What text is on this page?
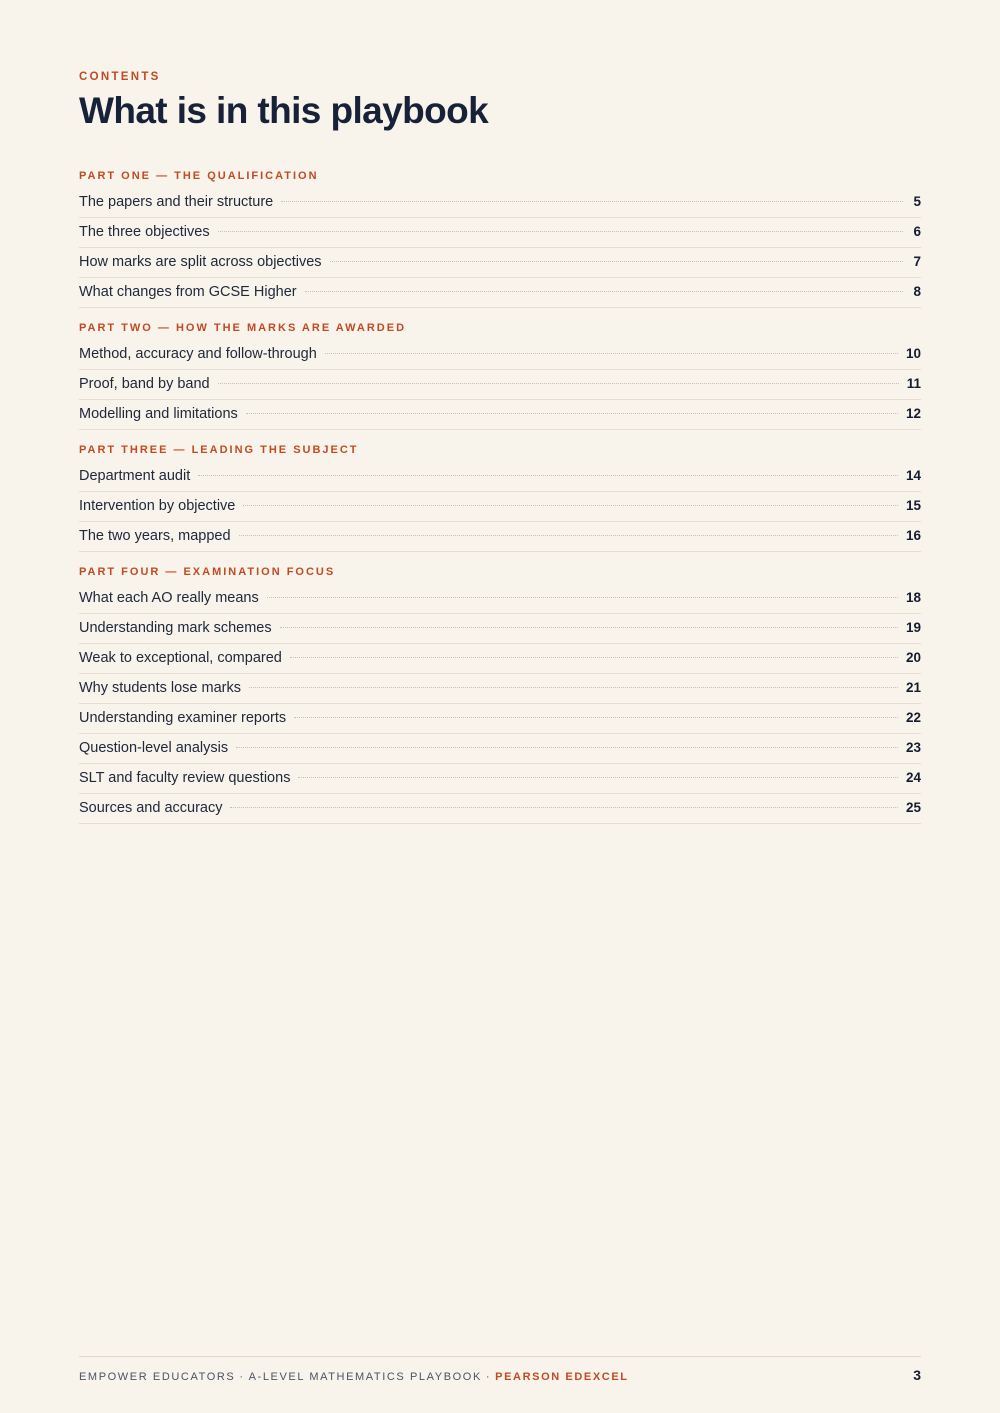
CONTENTS
What is in this playbook
PART ONE — THE QUALIFICATION
The papers and their structure	5
The three objectives	6
How marks are split across objectives	7
What changes from GCSE Higher	8
PART TWO — HOW THE MARKS ARE AWARDED
Method, accuracy and follow-through	10
Proof, band by band	11
Modelling and limitations	12
PART THREE — LEADING THE SUBJECT
Department audit	14
Intervention by objective	15
The two years, mapped	16
PART FOUR — EXAMINATION FOCUS
What each AO really means	18
Understanding mark schemes	19
Weak to exceptional, compared	20
Why students lose marks	21
Understanding examiner reports	22
Question-level analysis	23
SLT and faculty review questions	24
Sources and accuracy	25
EMPOWER EDUCATORS · A-LEVEL MATHEMATICS PLAYBOOK · PEARSON EDEXCEL	3
